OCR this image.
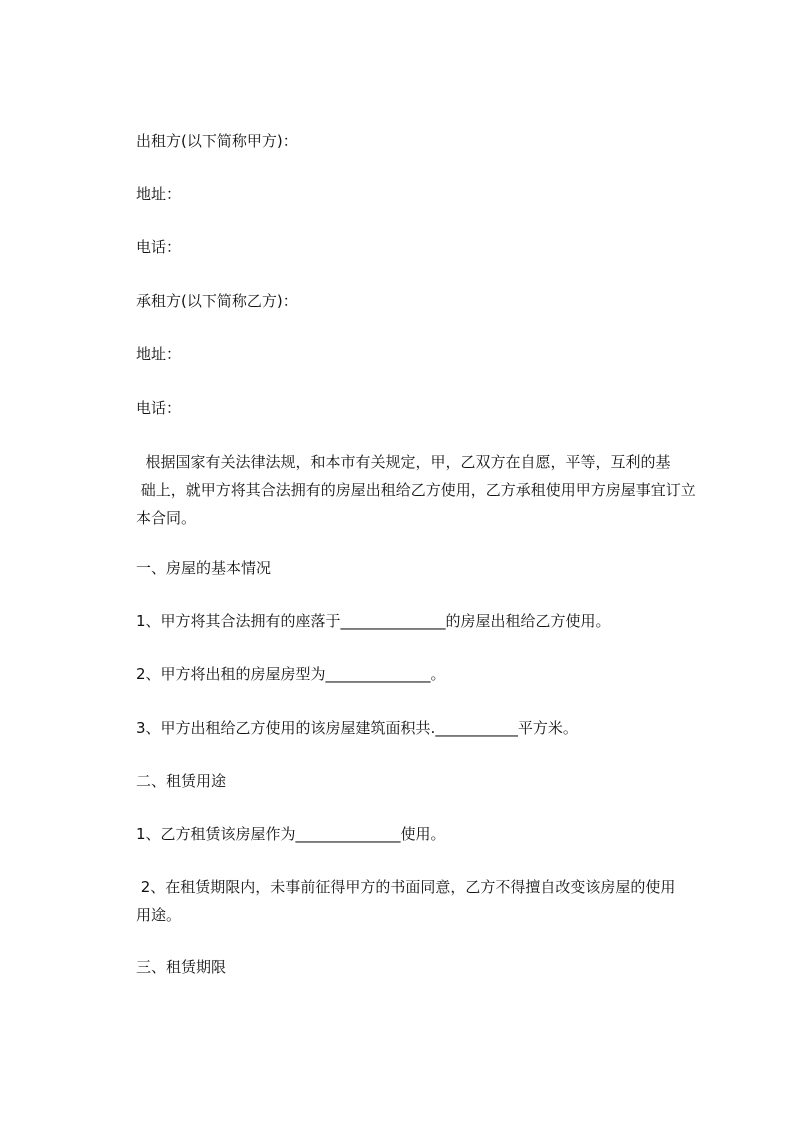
出租方(以下简称甲方)：

地址：

电话：

承租方(以下简称乙方)：

地址：

电话：

根据国家有关法律法规，和本市有关规定，甲，乙双方在自愿，平等，互利的基

础上，就甲方将其合法拥有的房屋出租给乙方使用，乙方承租使用甲方房屋事宜订立

本合同。

一、房屋的基本情况

1、甲方将其合法拥有的座落于______________的房屋出租给乙方使用。

2、甲方将出租的房屋房型为______________。

3、甲方出租给乙方使用的该房屋建筑面积共.___________平方米。

二、租赁用途

1、乙方租赁该房屋作为______________使用。

2、在租赁期限内，未事前征得甲方的书面同意，乙方不得擅自改变该房屋的使用

用途。

三、租赁期限
